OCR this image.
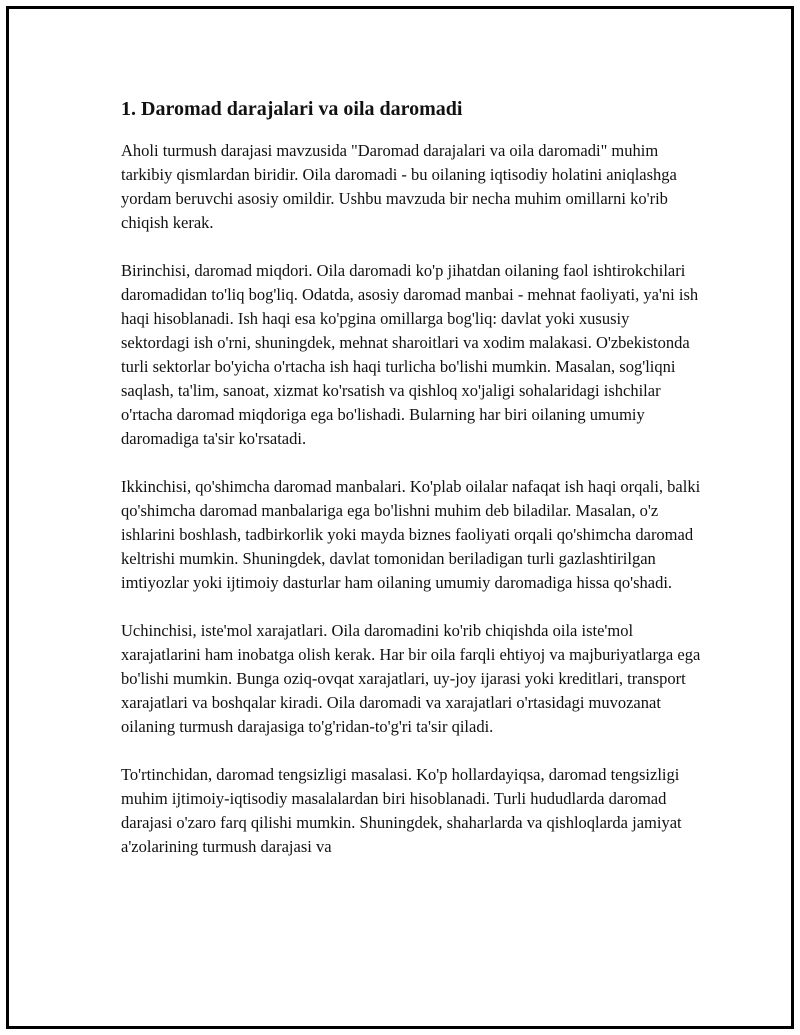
1. Daromad darajalari va oila daromadi

Aholi turmush darajasi mavzusida "Daromad darajalari va oila daromadi" muhim tarkibiy qismlardan biridir. Oila daromadi - bu oilaning iqtisodiy holatini aniqlashga yordam beruvchi asosiy omildir. Ushbu mavzuda bir necha muhim omillarni ko'rib chiqish kerak.

Birinchisi, daromad miqdori. Oila daromadi ko'p jihatdan oilaning faol ishtirokchilari daromadidan to'liq bog'liq. Odatda, asosiy daromad manbai - mehnat faoliyati, ya'ni ish haqi hisoblanadi. Ish haqi esa ko'pgina omillarga bog'liq: davlat yoki xususiy sektordagi ish o'rni, shuningdek, mehnat sharoitlari va xodim malakasi. O'zbekistonda turli sektorlar bo'yicha o'rtacha ish haqi turlicha bo'lishi mumkin. Masalan, sog'liqni saqlash, ta'lim, sanoat, xizmat ko'rsatish va qishloq xo'jaligi sohalaridagi ishchilar o'rtacha daromad miqdoriga ega bo'lishadi. Bularning har biri oilaning umumiy daromadiga ta'sir ko'rsatadi.

Ikkinchisi, qo'shimcha daromad manbalari. Ko'plab oilalar nafaqat ish haqi orqali, balki qo'shimcha daromad manbalariga ega bo'lishni muhim deb biladilar. Masalan, o'z ishlarini boshlash, tadbirkorlik yoki mayda biznes faoliyati orqali qo'shimcha daromad keltrishi mumkin. Shuningdek, davlat tomonidan beriladigan turli gazlashtirilgan imtiyozlar yoki ijtimoiy dasturlar ham oilaning umumiy daromadiga hissa qo'shadi.

Uchinchisi, iste'mol xarajatlari. Oila daromadini ko'rib chiqishda oila iste'mol xarajatlarini ham inobatga olish kerak. Har bir oila farqli ehtiyoj va majburiyatlarga ega bo'lishi mumkin. Bunga oziq-ovqat xarajatlari, uy-joy ijarasi yoki kreditlari, transport xarajatlari va boshqalar kiradi. Oila daromadi va xarajatlari o'rtasidagi muvozanat oilaning turmush darajasiga to'g'ridan-to'g'ri ta'sir qiladi.

To'rtinchidan, daromad tengsizligi masalasi. Ko'p hollardayiqsa, daromad tengsizligi muhim ijtimoiy-iqtisodiy masalalardan biri hisoblanadi. Turli hududlarda daromad darajasi o'zaro farq qilishi mumkin. Shuningdek, shaharlarda va qishloqlarda jamiyat a'zolarining turmush darajasi va
